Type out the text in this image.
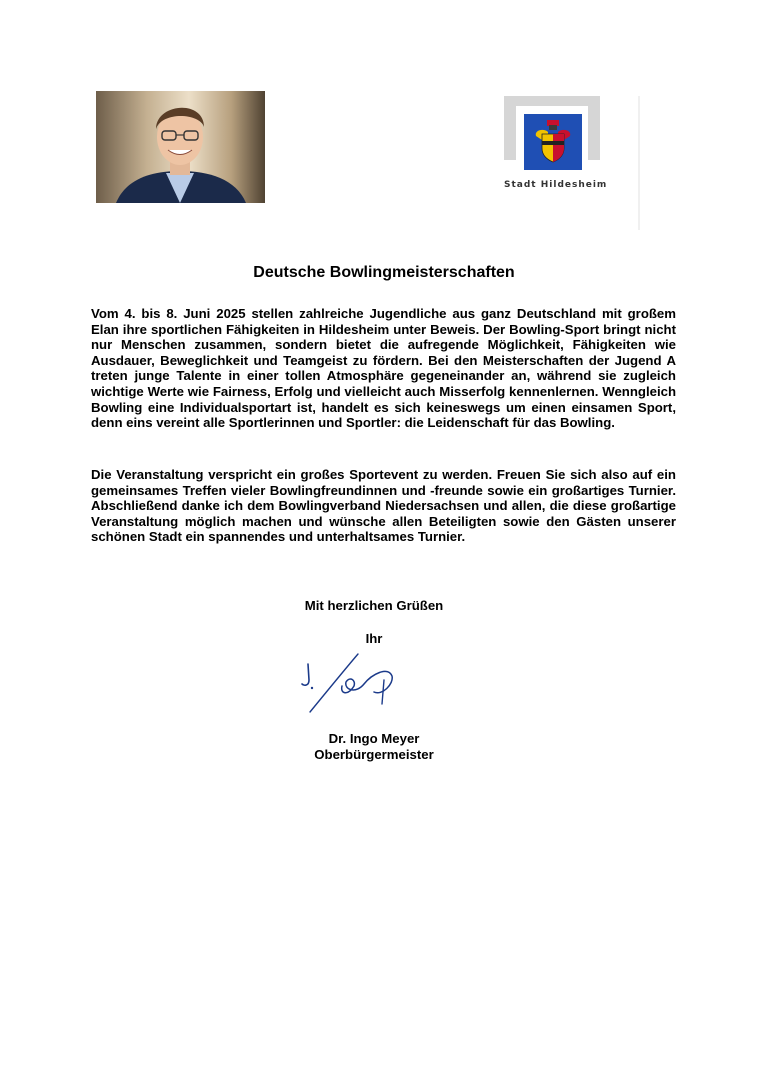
Stadt Hildesheim
Deutsche Bowlingmeisterschaften

Vom 4. bis 8. Juni 2025 stellen zahlreiche Jugendliche aus ganz Deutschland mit großem Elan ihre sportlichen Fähigkeiten in Hildesheim unter Beweis. Der Bowling-Sport bringt nicht nur Menschen zusammen, sondern bietet die aufregende Möglichkeit, Fähigkeiten wie Ausdauer, Beweglichkeit und Teamgeist zu fördern. Bei den Meisterschaften der Jugend A treten junge Talente in einer tollen Atmosphäre gegeneinander an, während sie zugleich wichtige Werte wie Fairness, Erfolg und vielleicht auch Misserfolg kennenlernen. Wenngleich Bowling eine Individualsportart ist, handelt es sich keineswegs um einen einsamen Sport, denn eins vereint alle Sportlerinnen und Sportler: die Leidenschaft für das Bowling.

Die Veranstaltung verspricht ein großes Sportevent zu werden. Freuen Sie sich also auf ein gemeinsames Treffen vieler Bowlingfreundinnen und -freunde sowie ein großartiges Turnier. Abschließend danke ich dem Bowlingverband Niedersachsen und allen, die diese großartige Veranstaltung möglich machen und wünsche allen Beteiligten sowie den Gästen unserer schönen Stadt ein spannendes und unterhaltsames Turnier.

Mit herzlichen Grüßen
Ihr
Dr. Ingo Meyer
Oberbürgermeister
